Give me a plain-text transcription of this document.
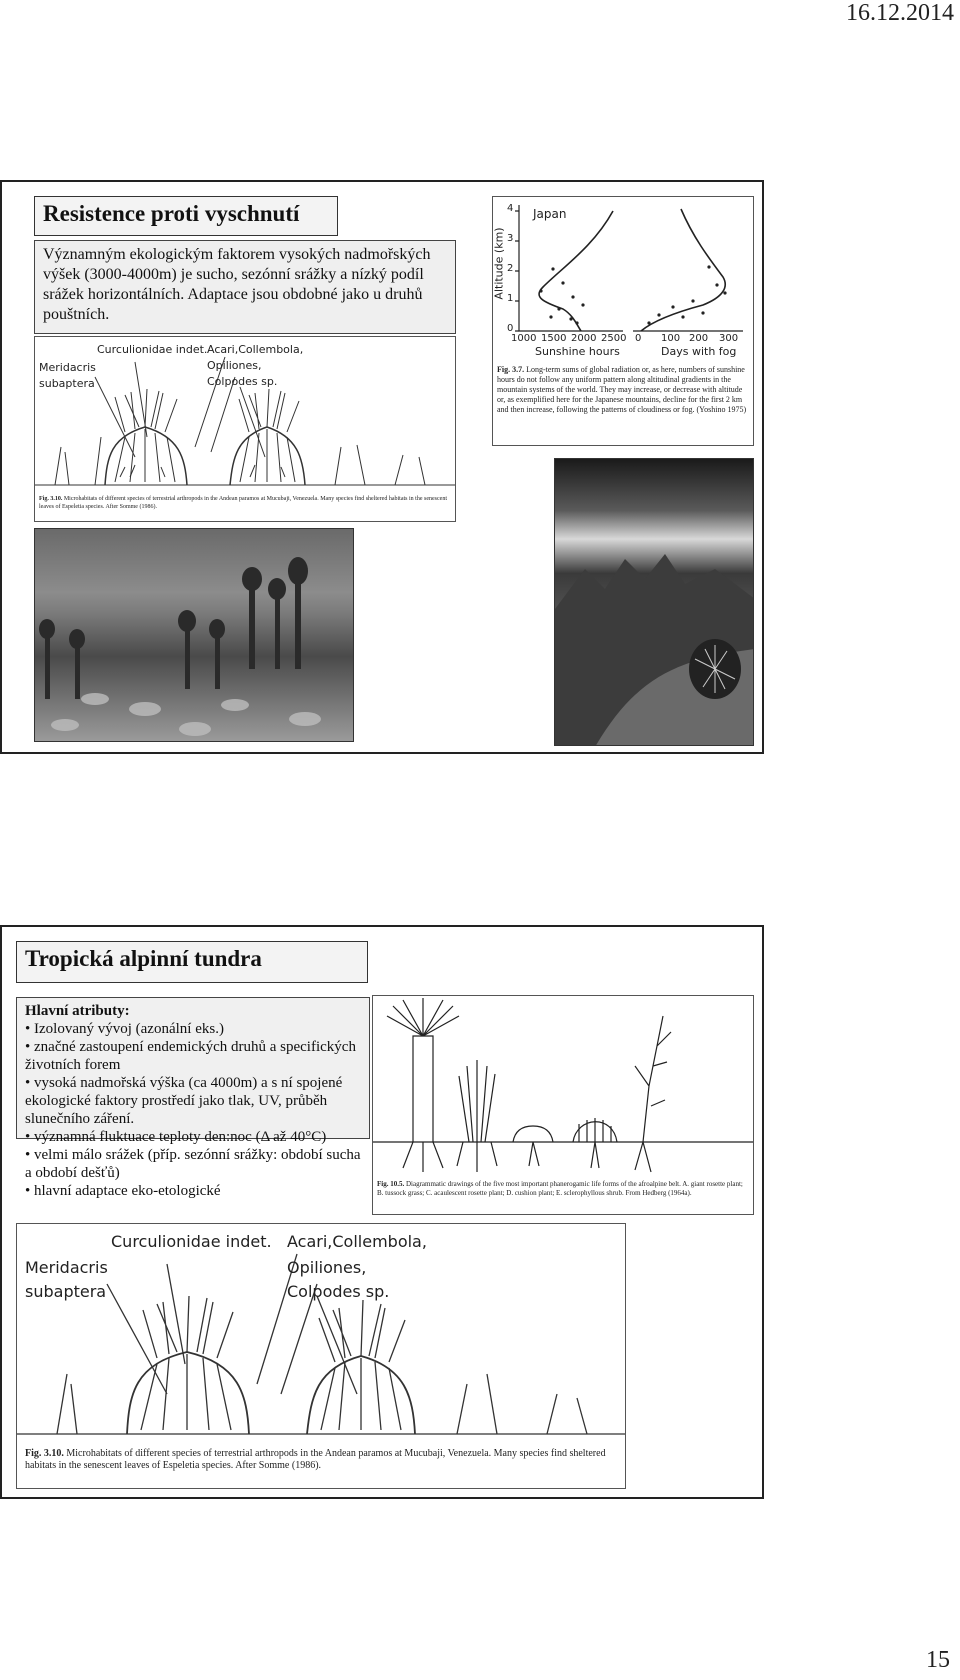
16.12.2014
Resistence proti vyschnutí
Významným ekologickým faktorem vysokých nadmořských výšek (3000-4000m) je sucho, sezónní srážky a nízký podíl srážek horizontálních. Adaptace jsou obdobné jako u druhů pouštních.
Curculionidae indet. Acari,Collembola,
Meridacris	Opiliones,
subaptera	Colpodes sp.
Fig. 3.10. Microhabitats of different species of terrestrial arthropods in the Andean paramos at Mucubaji, Venezuela. Many species find sheltered habitats in the senescent leaves of Espeletia species. After Somme (1986).
Japan
Altitude (km)
4
3
2
1
0
1000 1500 2000 2500 0 100 200 300
Sunshine hours	Days with fog
Fig. 3.7. Long-term sums of global radiation or, as here, numbers of sunshine hours do not follow any uniform pattern along altitudinal gradients in the mountain systems of the world. They may increase, or decrease with altitude or, as exemplified here for the Japanese mountains, decline for the first 2 km and then increase, following the patterns of cloudiness or fog. (Yoshino 1975)
Tropická alpinní tundra
Hlavní atributy:
• Izolovaný vývoj (azonální eks.)
• značné zastoupení endemických druhů a specifických životních forem
• vysoká nadmořská výška (ca 4000m) a s ní spojené ekologické faktory prostředí jako tlak, UV, průběh slunečního záření.
• významná fluktuace teploty den:noc (Δ až 40°C)
• velmi málo srážek (příp. sezónní srážky: období sucha a období dešťů)
• hlavní adaptace eko-etologické	Fig. 10.5. Diagrammatic drawings of the five most important phanerogamic life forms of the afroalpine belt. A. giant rosette plant; B. tussock grass; C. acaulescent rosette plant; D. cushion plant; E. sclerophyllous shrub. From Hedberg (1964a).
Curculionidae indet. Acari,Collembola,
Meridacris	Opiliones,
subaptera	Colpodes sp.
Fig. 3.10. Microhabitats of different species of terrestrial arthropods in the Andean paramos at Mucubaji, Venezuela. Many species find sheltered habitats in the senescent leaves of Espeletia species. After Somme (1986).
15
